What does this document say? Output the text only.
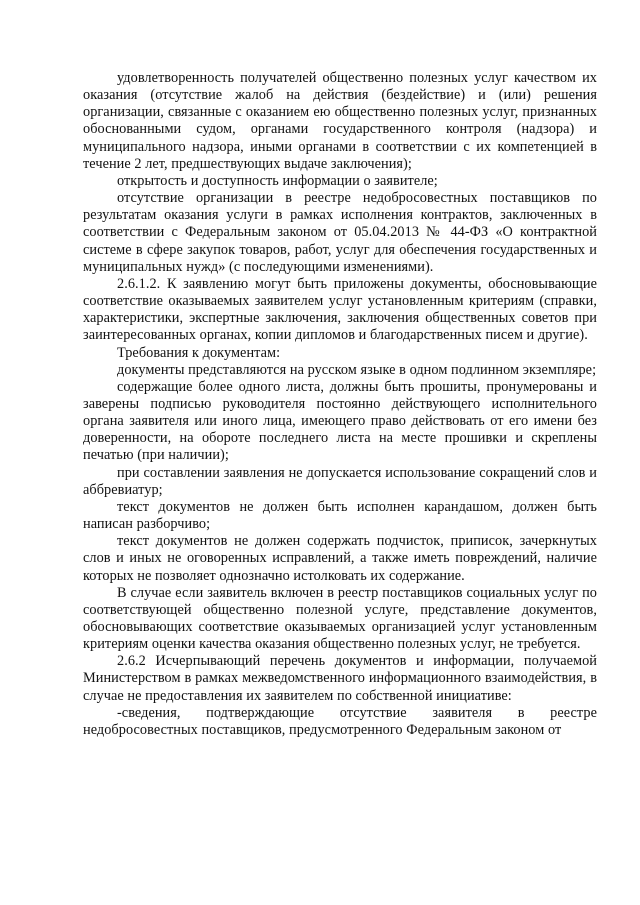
удовлетворенность получателей общественно полезных услуг качеством их оказания (отсутствие жалоб на действия (бездействие) и (или) решения организации, связанные с оказанием ею общественно полезных услуг, признанных обоснованными судом, органами государственного контроля (надзора) и муниципального надзора, иными органами в соответствии с их компетенцией в течение 2 лет, предшествующих выдаче заключения);

открытость и доступность информации о заявителе;

отсутствие организации в реестре недобросовестных поставщиков по результатам оказания услуги в рамках исполнения контрактов, заключенных в соответствии с Федеральным законом от 05.04.2013 № 44-ФЗ «О контрактной системе в сфере закупок товаров, работ, услуг для обеспечения государственных и муниципальных нужд» (с последующими изменениями).

2.6.1.2. К заявлению могут быть приложены документы, обосновывающие соответствие оказываемых заявителем услуг установленным критериям (справки, характеристики, экспертные заключения, заключения общественных советов при заинтересованных органах, копии дипломов и благодарственных писем и другие).

Требования к документам:

документы представляются на русском языке в одном подлинном экземпляре;

содержащие более одного листа, должны быть прошиты, пронумерованы и заверены подписью руководителя постоянно действующего исполнительного органа заявителя или иного лица, имеющего право действовать от его имени без доверенности, на обороте последнего листа на месте прошивки и скреплены печатью (при наличии);

при составлении заявления не допускается использование сокращений слов и аббревиатур;

текст документов не должен быть исполнен карандашом, должен быть написан разборчиво;

текст документов не должен содержать подчисток, приписок, зачеркнутых слов и иных не оговоренных исправлений, а также иметь повреждений, наличие которых не позволяет однозначно истолковать их содержание.

В случае если заявитель включен в реестр поставщиков социальных услуг по соответствующей общественно полезной услуге, представление документов, обосновывающих соответствие оказываемых организацией услуг установленным критериям оценки качества оказания общественно полезных услуг, не требуется.

2.6.2 Исчерпывающий перечень документов и информации, получаемой Министерством в рамках межведомственного информационного взаимодействия, в случае не предоставления их заявителем по собственной инициативе:

-сведения, подтверждающие отсутствие заявителя в реестре недобросовестных поставщиков, предусмотренного Федеральным законом от
